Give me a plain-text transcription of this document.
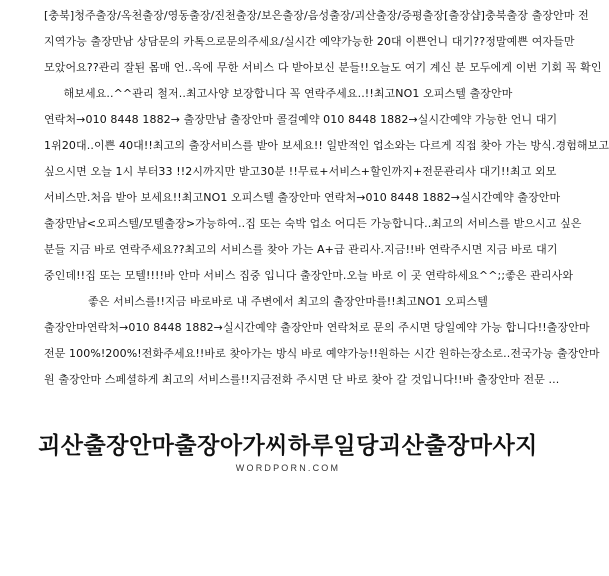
[충북]청주출장/옥천출장/영동출장/진천출장/보은출장/음성출장/괴산출장/증평출장[출장샵]충북출장 출장안마 전
지역가능 출장만남 상담문의 카톡으로문의주세요/실시간 예약가능한 20대 이쁜언니 대기??정말예쁜 여자들만
모았어요??관리 잘된 몸매 언..옥에 무한 서비스 다 받아보신 분들!!오늘도 여기 계신 분 모두에게 이번 기회 꼭 확인
해보세요..^^관리 철저..최고사양 보장합니다 꼭 연락주세요..!!최고NO1 오피스텔 출장안마
연락처→010 8448 1882→ 출장만남 출장안마 콜걸예약 010 8448 1882→실시간예약 가능한 언니 대기
1위20대..이쁜 40대!!최고의 출장서비스를 받아 보세요!! 일반적인 업소와는 다르게 직접 찾아 가는 방식.경험해보고
싶으시면 오늘 1시 부터33 !!2시까지만 받고30분 !!무료+서비스+할인까지+전문관리사 대기!!최고 외모
서비스만.처음 받아 보세요!!최고NO1 오피스텔 출장안마 연락처→010 8448 1882→실시간예약 출장안마
출장만남<오피스텔/모텔출장>가능하여..집 또는 숙박 업소 어디든 가능합니다..최고의 서비스를 받으시고 싶은
분들 지금 바로 연락주세요??최고의 서비스를 찾아 가는 A+급 관리사.지금!!바 연락주시면 지금 바로 대기
중인데!!집 또는 모텔!!!!바 안마 서비스 집중 입니다 출장안마.오늘 바로 이 곳 연락하세요^^;;좋은 관리사와
좋은 서비스를!!지금 바로바로 내 주변에서 최고의 출장안마를!!최고NO1 오피스텔
출장안마연락처→010 8448 1882→실시간예약 출장안마 연락처로 문의 주시면 당일예약 가능 합니다!!출장안마
전문 100%!200%!전화주세요!!바로 찾아가는 방식 바로 예약가능!!원하는 시간 원하는장소로..전국가능 출장안마
원 출장안마 스페셜하게 최고의 서비스를!!지금전화 주시면 단 바로 찾아 갈 것입니다!!바 출장안마 전문 ...
괴산출장안마출장아가씨하루일당괴산출장마사지
WORDPORN.COM
